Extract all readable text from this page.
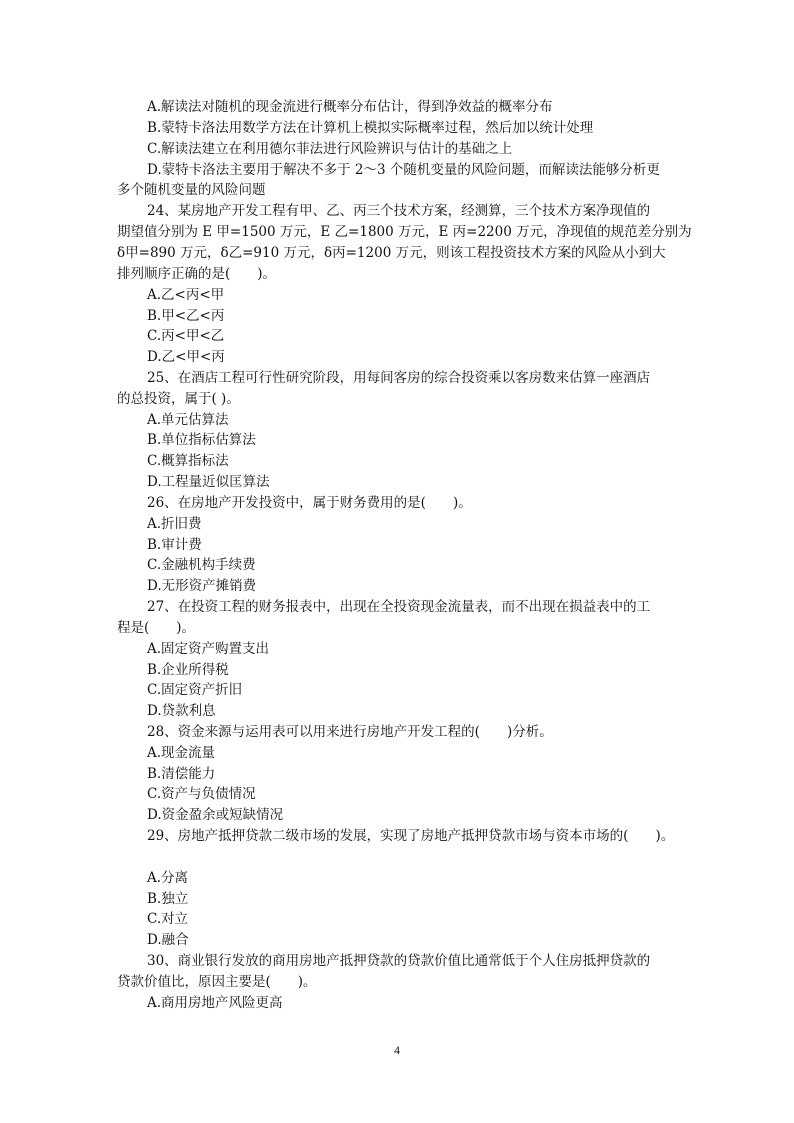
A.解读法对随机的现金流进行概率分布估计，得到净效益的概率分布
B.蒙特卡洛法用数学方法在计算机上模拟实际概率过程，然后加以统计处理
C.解读法建立在利用德尔菲法进行风险辨识与估计的基础之上
D.蒙特卡洛法主要用于解决不多于 2～3 个随机变量的风险问题，而解读法能够分析更
多个随机变量的风险问题
24、某房地产开发工程有甲、乙、丙三个技术方案，经测算，三个技术方案净现值的
期望值分别为 E 甲=1500 万元，E 乙=1800 万元，E 丙=2200 万元，净现值的规范差分别为
δ甲=890 万元，δ乙=910 万元，δ丙=1200 万元，则该工程投资技术方案的风险从小到大
排列顺序正确的是(　　)。
A.乙<丙<甲
B.甲<乙<丙
C.丙<甲<乙
D.乙<甲<丙
25、在酒店工程可行性研究阶段，用每间客房的综合投资乘以客房数来估算一座酒店
的总投资，属于( )。
A.单元估算法
B.单位指标估算法
C.概算指标法
D.工程量近似匡算法
26、在房地产开发投资中，属于财务费用的是(　　)。
A.折旧费
B.审计费
C.金融机构手续费
D.无形资产摊销费
27、在投资工程的财务报表中，出现在全投资现金流量表，而不出现在损益表中的工
程是(　　)。
A.固定资产购置支出
B.企业所得税
C.固定资产折旧
D.贷款利息
28、资金来源与运用表可以用来进行房地产开发工程的(　　)分析。
A.现金流量
B.清偿能力
C.资产与负债情况
D.资金盈余或短缺情况
29、房地产抵押贷款二级市场的发展，实现了房地产抵押贷款市场与资本市场的(　　)。
A.分离
B.独立
C.对立
D.融合
30、商业银行发放的商用房地产抵押贷款的贷款价值比通常低于个人住房抵押贷款的
贷款价值比，原因主要是(　　)。
A.商用房地产风险更高
4
